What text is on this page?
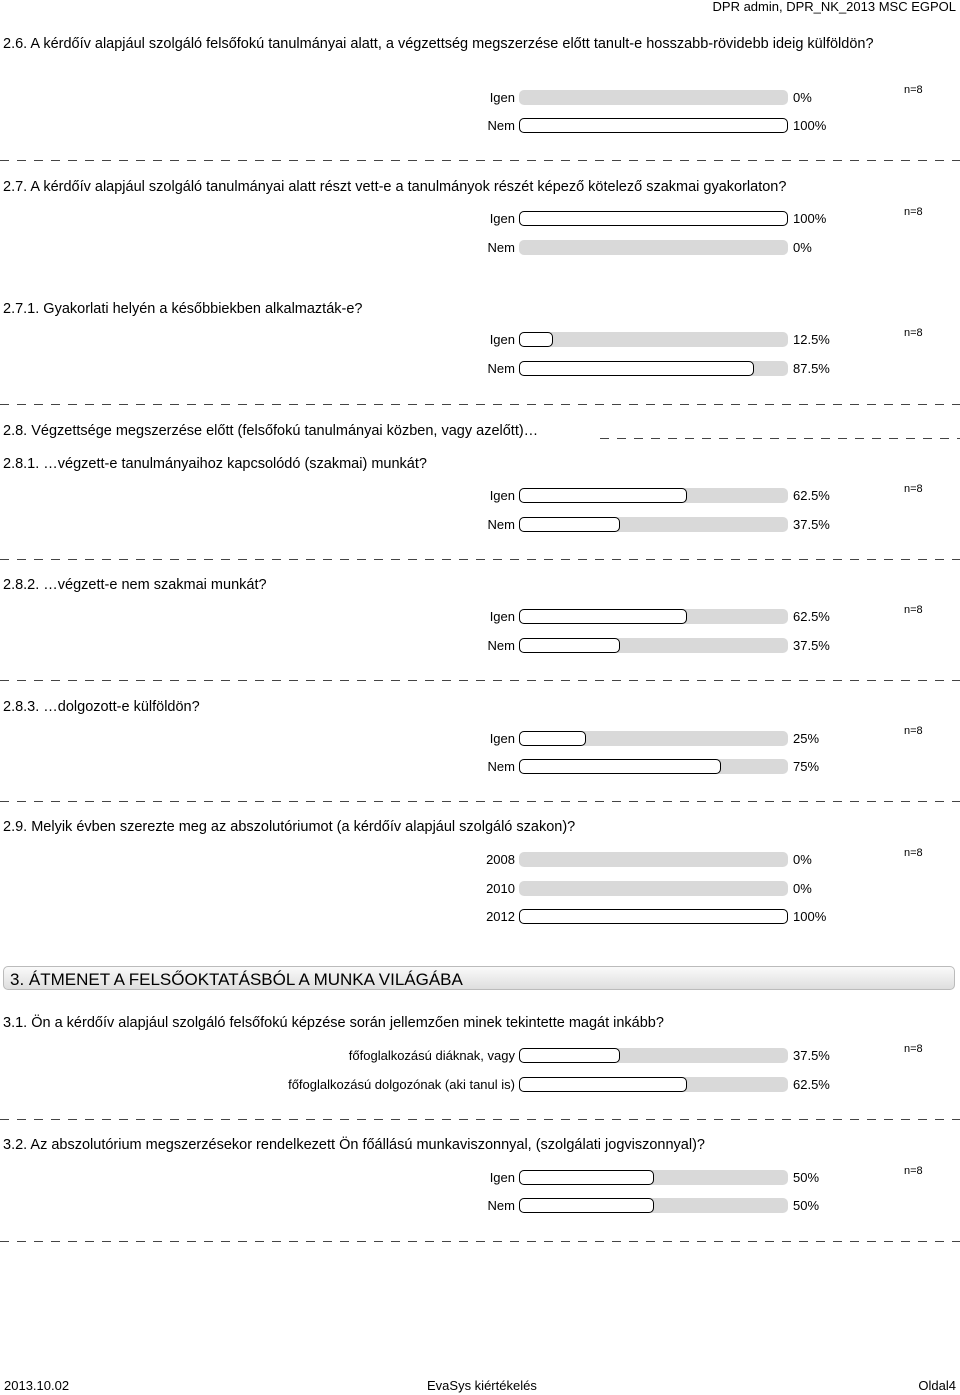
DPR admin, DPR_NK_2013 MSC EGPOL
2.6. A kérdőív alapjául szolgáló felsőfokú tanulmányai alatt, a végzettség megszerzése előtt tanult-e hosszabb-rövidebb ideig külföldön?
Igen	0%	n=8
Nem	100%
2.7. A kérdőív alapjául szolgáló tanulmányai alatt részt vett-e a tanulmányok részét képező kötelező szakmai gyakorlaton?
Igen	100%	n=8
Nem	0%
2.7.1. Gyakorlati helyén a későbbiekben alkalmazták-e?
Igen	12.5%	n=8
Nem	87.5%
2.8. Végzettsége megszerzése előtt (felsőfokú tanulmányai közben, vagy azelőtt)…
2.8.1. …végzett-e tanulmányaihoz kapcsolódó (szakmai) munkát?
Igen	62.5%	n=8
Nem	37.5%
2.8.2. …végzett-e nem szakmai munkát?
Igen	62.5%	n=8
Nem	37.5%
2.8.3. …dolgozott-e külföldön?
Igen	25%	n=8
Nem	75%
2.9. Melyik évben szerezte meg az abszolutóriumot (a kérdőív alapjául szolgáló szakon)?
2008	0%	n=8
2010	0%
2012	100%
3. ÁTMENET A FELSŐOKTATÁSBÓL A MUNKA VILÁGÁBA
3.1. Ön a kérdőív alapjául szolgáló felsőfokú képzése során jellemzően minek tekintette magát inkább?
főfoglalkozású diáknak, vagy	37.5%	n=8
főfoglalkozású dolgozónak (aki tanul is)	62.5%
3.2. Az abszolutórium megszerzésekor rendelkezett Ön főállású munkaviszonnyal, (szolgálati jogviszonnyal)?
Igen	50%	n=8
Nem	50%
2013.10.02	EvaSys kiértékelés	Oldal4
